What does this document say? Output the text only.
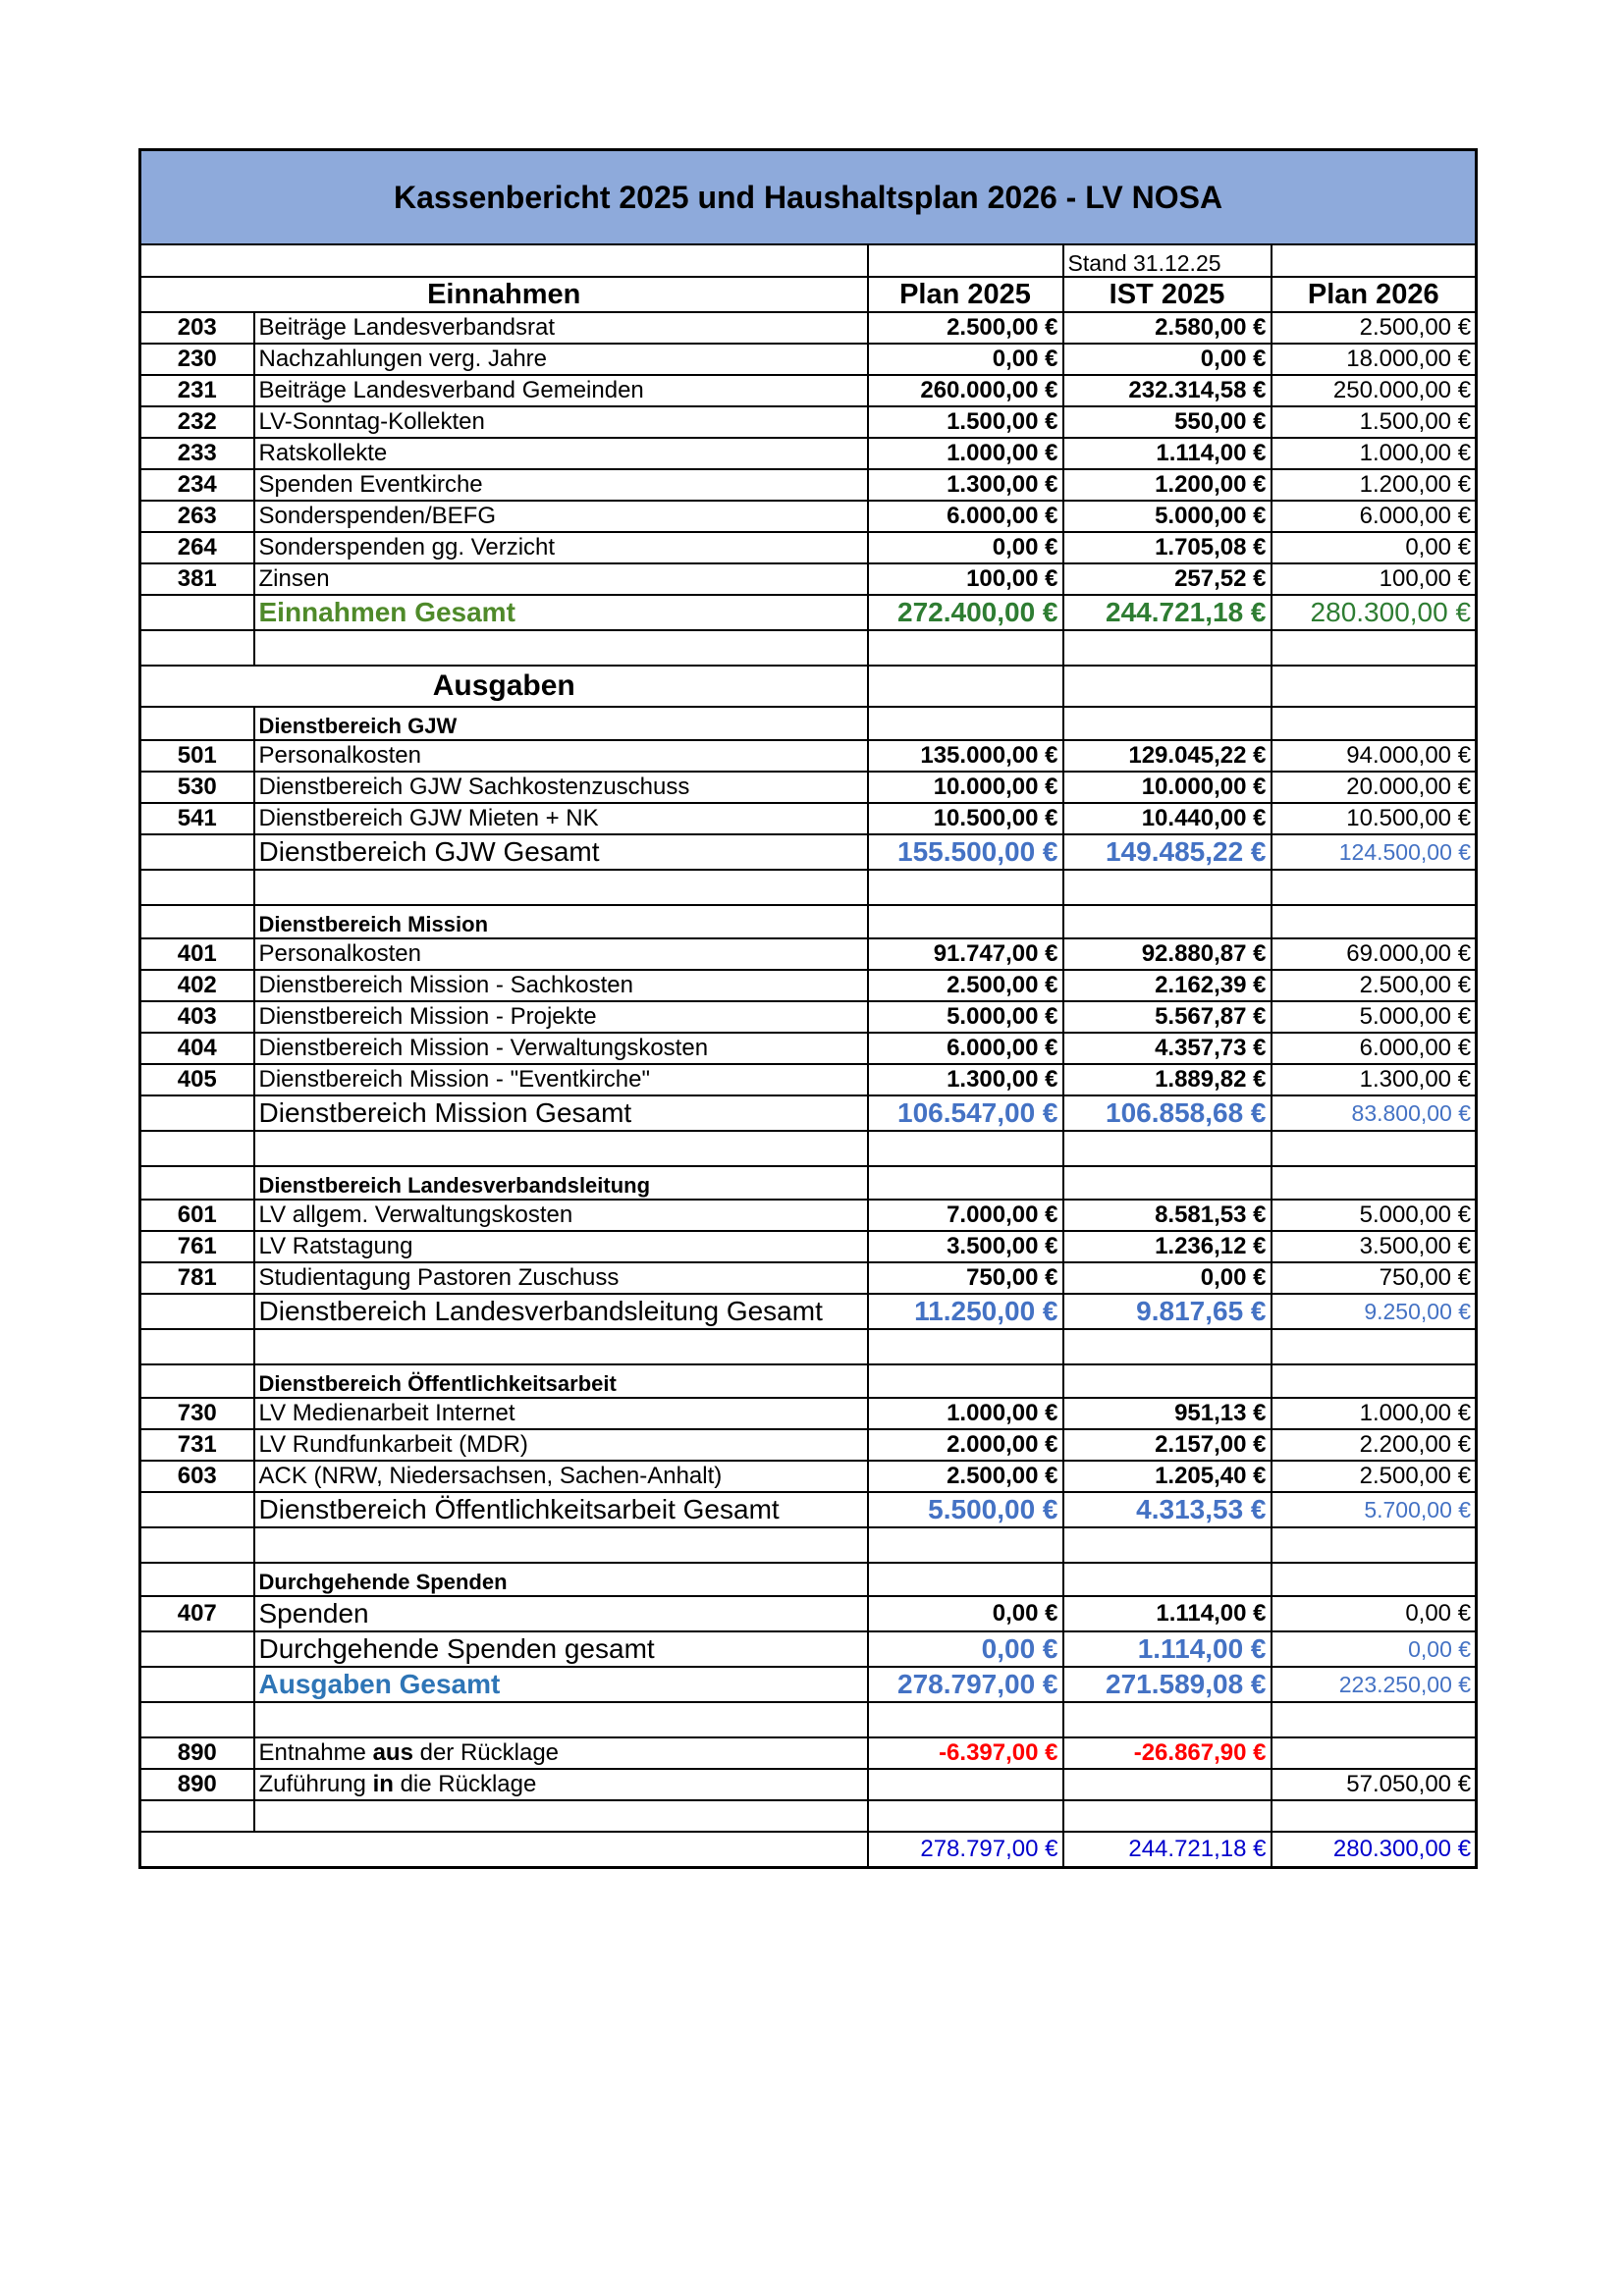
Kassenbericht 2025 und Haushaltsplan 2026 - LV NOSA				
			Stand 31.12.25	
Einnahmen		Plan 2025	IST 2025	Plan 2026
203	Beiträge Landesverbandsrat	2.500,00 €	2.580,00 €	2.500,00 €
230	Nachzahlungen verg. Jahre	0,00 €	0,00 €	18.000,00 €
231	Beiträge Landesverband Gemeinden	260.000,00 €	232.314,58 €	250.000,00 €
232	LV-Sonntag-Kollekten	1.500,00 €	550,00 €	1.500,00 €
233	Ratskollekte	1.000,00 €	1.114,00 €	1.000,00 €
234	Spenden Eventkirche	1.300,00 €	1.200,00 €	1.200,00 €
263	Sonderspenden/BEFG	6.000,00 €	5.000,00 €	6.000,00 €
264	Sonderspenden gg. Verzicht	0,00 €	1.705,08 €	0,00 €
381	Zinsen	100,00 €	257,52 €	100,00 €
	Einnahmen Gesamt	272.400,00 €	244.721,18 €	280.300,00 €

Ausgaben				
	Dienstbereich GJW			
501	Personalkosten	135.000,00 €	129.045,22 €	94.000,00 €
530	Dienstbereich GJW Sachkostenzuschuss	10.000,00 €	10.000,00 €	20.000,00 €
541	Dienstbereich GJW Mieten + NK	10.500,00 €	10.440,00 €	10.500,00 €
	Dienstbereich GJW Gesamt	155.500,00 €	149.485,22 €	124.500,00 €

	Dienstbereich Mission			
401	Personalkosten	91.747,00 €	92.880,87 €	69.000,00 €
402	Dienstbereich Mission - Sachkosten	2.500,00 €	2.162,39 €	2.500,00 €
403	Dienstbereich Mission - Projekte	5.000,00 €	5.567,87 €	5.000,00 €
404	Dienstbereich Mission - Verwaltungskosten	6.000,00 €	4.357,73 €	6.000,00 €
405	Dienstbereich Mission - "Eventkirche"	1.300,00 €	1.889,82 €	1.300,00 €
	Dienstbereich Mission Gesamt	106.547,00 €	106.858,68 €	83.800,00 €

	Dienstbereich Landesverbandsleitung			
601	LV allgem. Verwaltungskosten	7.000,00 €	8.581,53 €	5.000,00 €
761	LV Ratstagung	3.500,00 €	1.236,12 €	3.500,00 €
781	Studientagung Pastoren Zuschuss	750,00 €	0,00 €	750,00 €
	Dienstbereich Landesverbandsleitung Gesamt	11.250,00 €	9.817,65 €	9.250,00 €

	Dienstbereich Öffentlichkeitsarbeit			
730	LV Medienarbeit Internet	1.000,00 €	951,13 €	1.000,00 €
731	LV Rundfunkarbeit (MDR)	2.000,00 €	2.157,00 €	2.200,00 €
603	ACK (NRW, Niedersachsen, Sachen-Anhalt)	2.500,00 €	1.205,40 €	2.500,00 €
	Dienstbereich Öffentlichkeitsarbeit Gesamt	5.500,00 €	4.313,53 €	5.700,00 €

	Durchgehende Spenden			
407	Spenden	0,00 €	1.114,00 €	0,00 €
	Durchgehende Spenden gesamt	0,00 €	1.114,00 €	0,00 €
	Ausgaben Gesamt	278.797,00 €	271.589,08 €	223.250,00 €

890	Entnahme aus der Rücklage	-6.397,00 €	-26.867,90 €	
890	Zuführung in die Rücklage			57.050,00 €

		278.797,00 €	244.721,18 €	280.300,00 €
